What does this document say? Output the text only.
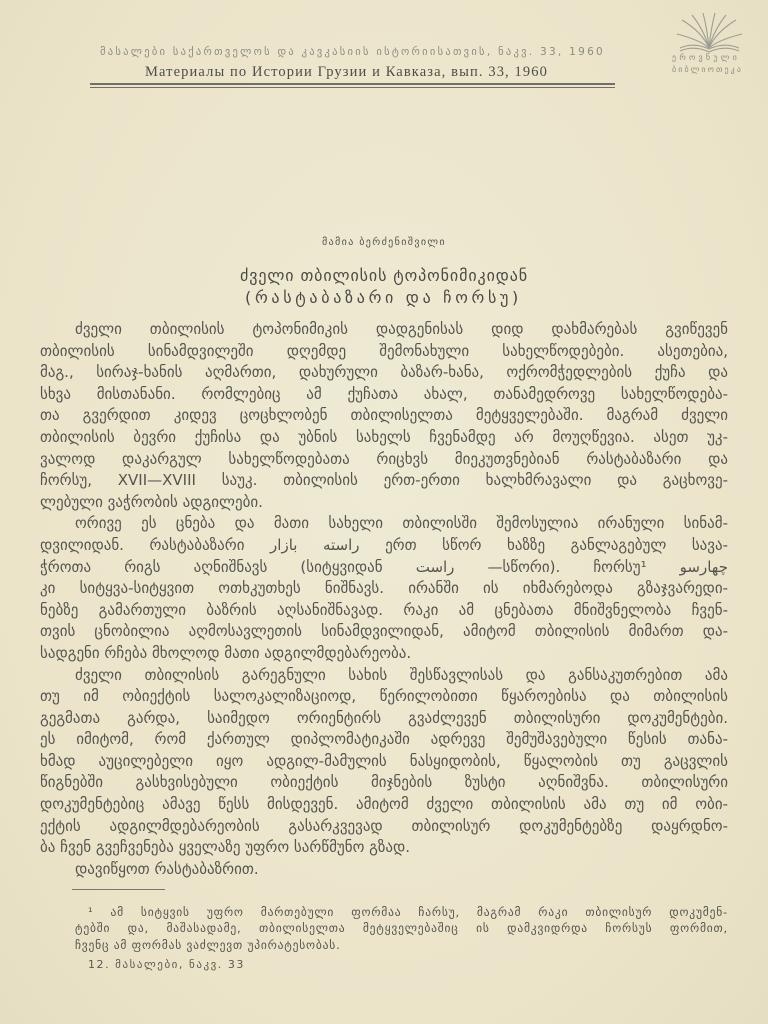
მასალები საქართველოს და კავკასიის ისტორიისათვის, ნაკვ. 33, 1960
Материалы по Истории Грузии и Кавказа, вып. 33, 1960
ეროვნული
ბიბლიოთეკა
მამია ბერძენიშვილი
ძველი თბილისის ტოპონიმიკიდან
(რასტაბაზარი და ჩორსუ)
ძველი თბილისის ტოპონიმიკის დადგენისას დიდ დახმარებას გვიწევენ
თბილისის სინამდვილეში დღემდე შემონახული სახელწოდებები. ასეთებია,
მაგ., სირაჯ-ხანის აღმართი, დახურული ბაზარ-ხანა, ოქრომჭედლების ქუჩა და
სხვა მისთანანი. რომლებიც ამ ქუჩათა ახალ, თანამედროვე სახელწოდება-
თა გვერდით კიდევ ცოცხლობენ თბილისელთა მეტყველებაში. მაგრამ ძველი
თბილისის ბევრი ქუჩისა და უბნის სახელს ჩვენამდე არ მოუღწევია. ასეთ უკ-
ვალოდ დაკარგულ სახელწოდებათა რიცხვს მიეკუთვნებიან რასტაბაზარი და
ჩორსუ, XVII—XVIII საუკ. თბილისის ერთ-ერთი ხალხმრავალი და გაცხოვე-
ლებული ვაჭრობის ადგილები.
ორივე ეს ცნება და მათი სახელი თბილისში შემოსულია ირანული სინამ-
დვილიდან. რასტაბაზარი راسته بازار ერთ სწორ ხაზზე განლაგებულ სავა-
ჭროთა რიგს აღნიშნავს (სიტყვიდან راست —სწორი). ჩორსუ¹ چهارسو
კი სიტყვა-სიტყვით ოთხკუთხეს ნიშნავს. ირანში ის იხმარებოდა გზაჯვარედი-
ნებზე გამართული ბაზრის აღსანიშნავად. რაკი ამ ცნებათა მნიშვნელობა ჩვენ-
თვის ცნობილია აღმოსავლეთის სინამდვილიდან, ამიტომ თბილისის მიმართ და-
სადგენი რჩება მხოლოდ მათი ადგილმდებარეობა.
ძველი თბილისის გარეგნული სახის შესწავლისას და განსაკუთრებით ამა
თუ იმ ობიექტის სალოკალიზაციოდ, წერილობითი წყაროებისა და თბილისის
გეგმათა გარდა, საიმედო ორიენტირს გვაძლევენ თბილისური დოკუმენტები.
ეს იმიტომ, რომ ქართულ დიპლომატიკაში ადრევე შემუშავებული წესის თანა-
ხმად აუცილებელი იყო ადგილ-მამულის ნასყიდობის, წყალობის თუ გაცვლის
წიგნებში გასხვისებული ობიექტის მიჯნების ზუსტი აღნიშვნა. თბილისური
დოკუმენტებიც ამავე წესს მისდევენ. ამიტომ ძველი თბილისის ამა თუ იმ ობი-
ექტის ადგილმდებარეობის გასარკვევად თბილისურ დოკუმენტებზე დაყრდნო-
ბა ჩვენ გვეჩვენება ყველაზე უფრო სარწმუნო გზად.
დავიწყოთ რასტაბაზრით.
¹ ამ სიტყვის უფრო მართებული ფორმაა ჩარსუ, მაგრამ რაკი თბილისურ დოკუმენ-
ტებში და, მაშასადამე, თბილისელთა მეტყველებაშიც ის დამკვიდრდა ჩორსუს ფორმით,
ჩვენც ამ ფორმას ვაძლევთ უპირატესობას.
12. მასალები, ნაკვ. 33
